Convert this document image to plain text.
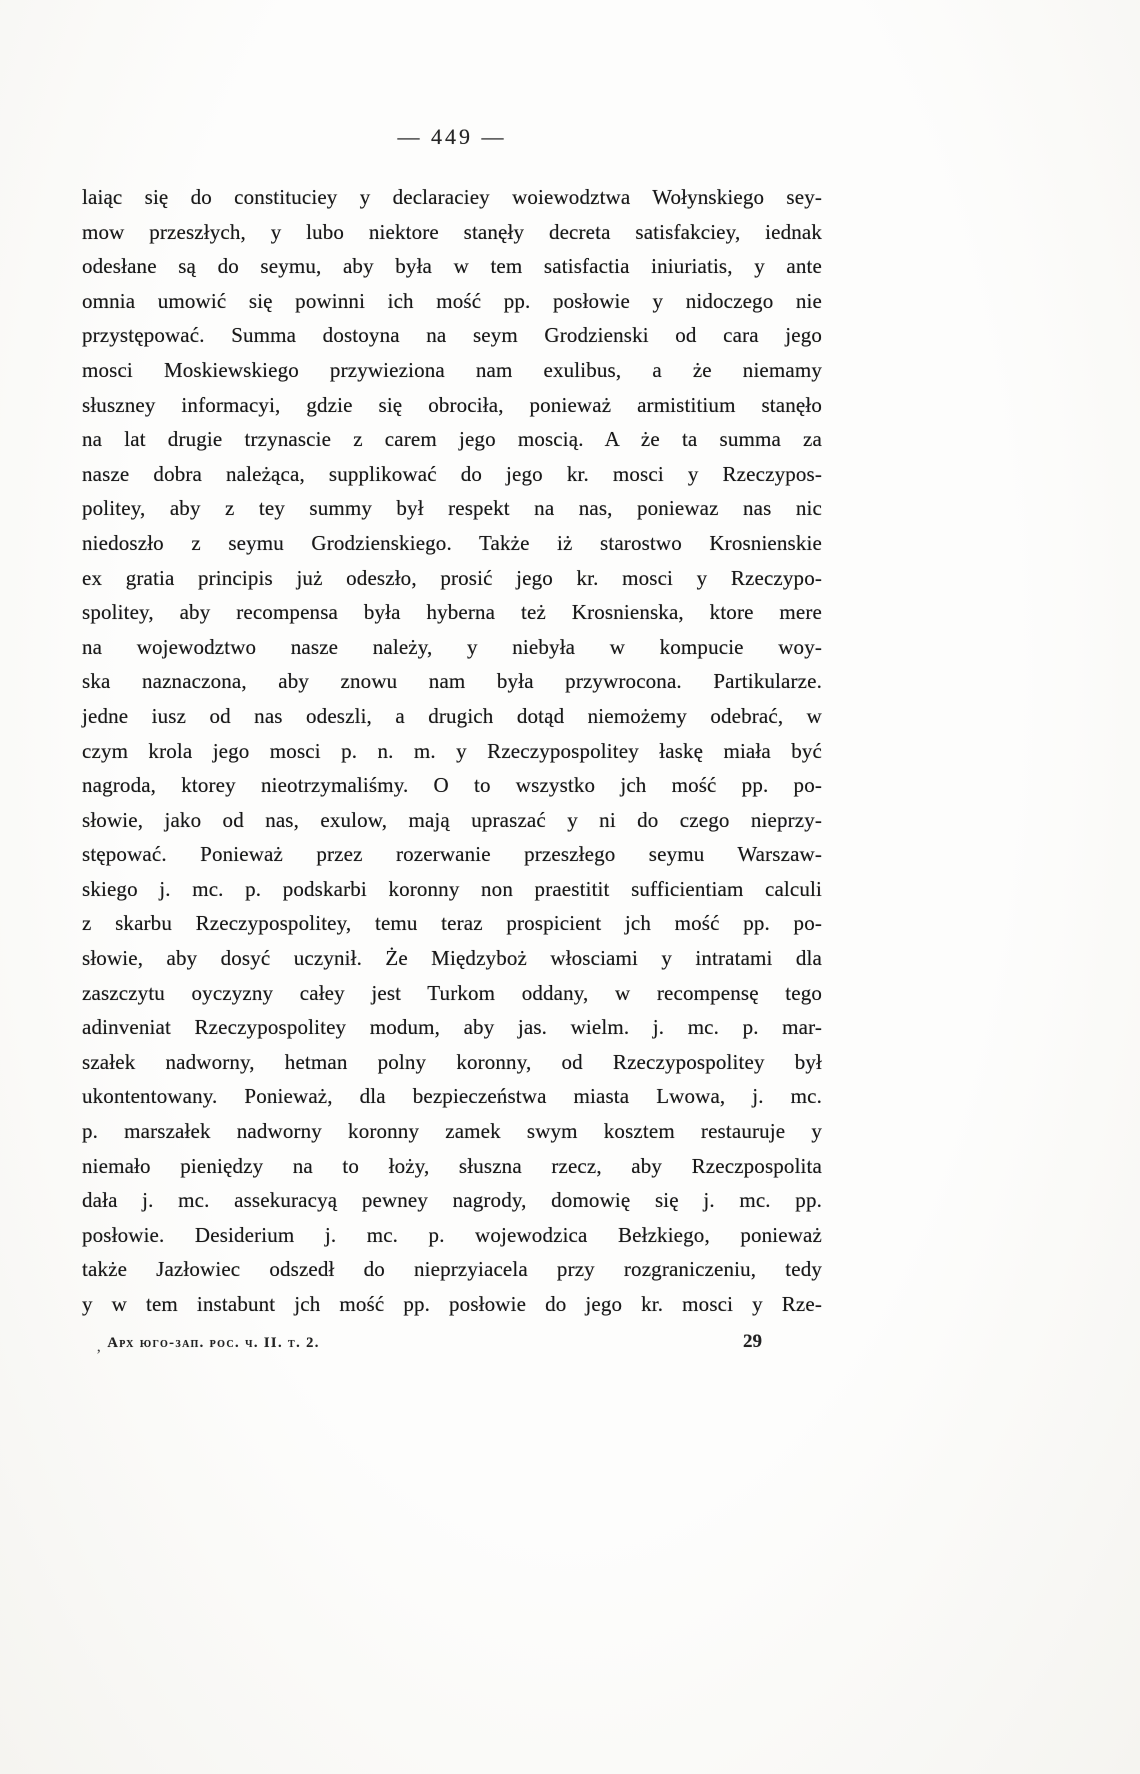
— 449 —
laiąc się do constituciey y declaraciey woiewodztwa Wołynskiego sey-
mow przeszłych, y lubo niektore stanęły decreta satisfakciey, iednak
odesłane są do seymu, aby była w tem satisfactia iniuriatis, y ante
omnia umowić się powinni ich mość pp. posłowie y nidoczego nie
przystępować. Summa dostoyna na seym Grodzienski od cara jego
mosci Moskiewskiego przywieziona nam exulibus, a że niemamy
słuszney informacyi, gdzie się obrociła, ponieważ armistitium stanęło
na lat drugie trzynascie z carem jego moscią. A że ta summa za
nasze dobra należąca, supplikować do jego kr. mosci y Rzeczypos-
politey, aby z tey summy był respekt na nas, poniewaz nas nic
niedoszło z seymu Grodzienskiego. Także iż starostwo Krosnienskie
ex gratia principis już odeszło, prosić jego kr. mosci y Rzeczypo-
spolitey, aby recompensa była hyberna też Krosnienska, ktore mere
na wojewodztwo nasze należy, y niebyła w kompucie woy-
ska naznaczona, aby znowu nam była przywrocona. Partikularze.
jedne iusz od nas odeszli, a drugich dotąd niemożemy odebrać, w
czym krola jego mosci p. n. m. y Rzeczypospolitey łaskę miała być
nagroda, ktorey nieotrzymaliśmy. O to wszystko jch mość pp. po-
słowie, jako od nas, exulow, mają upraszać y ni do czego nieprzy-
stępować. Ponieważ przez rozerwanie przeszłego seymu Warszaw-
skiego j. mc. p. podskarbi koronny non praestitit sufficientiam calculi
z skarbu Rzeczypospolitey, temu teraz prospicient jch mość pp. po-
słowie, aby dosyć uczynił. Że Międzyboż włosciami y intratami dla
zaszczytu oyczyzny całey jest Turkom oddany, w recompensę tego
adinveniat Rzeczypospolitey modum, aby jas. wielm. j. mc. p. mar-
szałek nadworny, hetman polny koronny, od Rzeczypospolitey był
ukontentowany. Ponieważ, dla bezpieczeństwa miasta Lwowa, j. mc.
p. marszałek nadworny koronny zamek swym kosztem restauruje y
niemało pieniędzy na to łoży, słuszna rzecz, aby Rzeczpospolita
dała j. mc. assekuracyą pewney nagrody, domowię się j. mc. pp.
posłowie. Desiderium j. mc. p. wojewodzica Bełzkiego, ponieważ
także Jazłowiec odszedł do nieprzyiacela przy rozgraniczeniu, tedy
y w tem instabunt jch mość pp. posłowie do jego kr. mosci y Rze-
‚ Арх юго-зап. рос. ч. II. т. 2.	29
